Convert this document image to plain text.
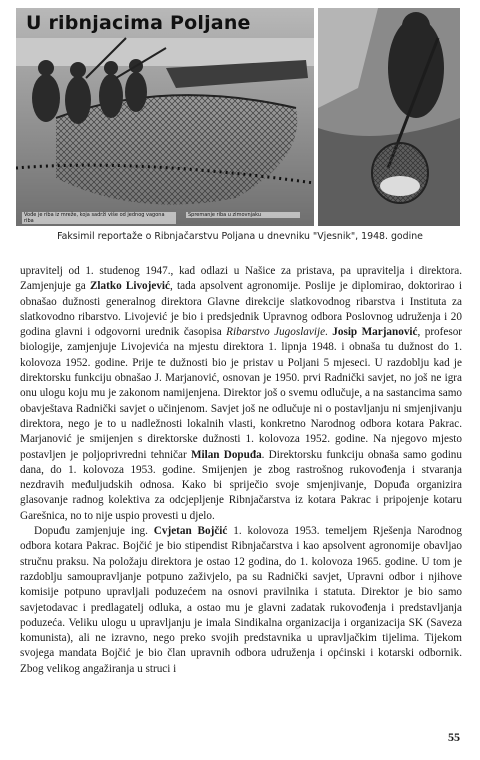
U ribnjacima Poljane
Vođe je riba iz mreže, koja sadrži više od jednog vagona riba
Spremanje riba u zimovnjaku

Faksimil reportaže o Ribnjačarstvu Poljana u dnevniku "Vjesnik", 1948. godine

upravitelj od 1. studenog 1947., kad odlazi u Našice za pristava, pa upravitelja i direktora. Zamjenjuje ga Zlatko Livojević, tada apsolvent agronomije. Poslije je diplomirao, doktorirao i obnašao dužnosti generalnog direktora Glavne direkcije slatkovodnog ribarstva i Instituta za slatkovodno ribarstvo. Livojević je bio i predsjednik Upravnog odbora Poslovnog udruženja i 20 godina glavni i odgovorni urednik časopisa Ribarstvo Jugoslavije. Josip Marjanović, profesor biologije, zamjenjuje Livojevića na mjestu direktora 1. lipnja 1948. i obnaša tu dužnost do 1. kolovoza 1952. godine. Prije te dužnosti bio je pristav u Poljani 5 mjeseci. U razdoblju kad je direktorsku funkciju obnašao J. Marjanović, osnovan je 1950. prvi Radnički savjet, no još ne igra onu ulogu koju mu je zakonom namijenjena. Direktor još o svemu odlučuje, a na sastancima samo obavještava Radnički savjet o učinjenom. Savjet još ne odlučuje ni o postavljanju ni smjenjivanju direktora, nego je to u nadležnosti lokalnih vlasti, konkretno Narodnog odbora kotara Pakrac. Marjanović je smijenjen s direktorske dužnosti 1. kolovoza 1952. godine. Na njegovo mjesto postavljen je poljoprivredni tehničar Milan Dopuđa. Direktorsku funkciju obnaša samo godinu dana, do 1. kolovoza 1953. godine. Smijenjen je zbog rastrošnog rukovođenja i stvaranja nezdravih međuljudskih odnosa. Kako bi spriječio svoje smjenjivanje, Dopuđa organizira glasovanje radnog kolektiva za odcjepljenje Ribnjačarstva iz kotara Pakrac i pripojenje kotaru Garešnica, no to nije uspio provesti u djelo.

Dopuđu zamjenjuje ing. Cvjetan Bojčić 1. kolovoza 1953. temeljem Rješenja Narodnog odbora kotara Pakrac. Bojčić je bio stipendist Ribnjačarstva i kao apsolvent agronomije obavljao stručnu praksu. Na položaju direktora je ostao 12 godina, do 1. kolovoza 1965. godine. U tom je razdoblju samoupravljanje potpuno zaživjelo, pa su Radnički savjet, Upravni odbor i njihove komisije potpuno upravljali poduzećem na osnovi pravilnika i statuta. Direktor je bio samo savjetodavac i predlagatelj odluka, a ostao mu je glavni zadatak rukovođenja i predstavljanja poduzeća. Veliku ulogu u upravljanju je imala Sindikalna organizacija i organizacija SK (Saveza komunista), ali ne izravno, nego preko svojih predstavnika u upravljačkim tijelima. Tijekom svojega mandata Bojčić je bio član upravnih odbora udruženja i općinski i kotarski odbornik. Zbog velikog angažiranja u struci i

55
